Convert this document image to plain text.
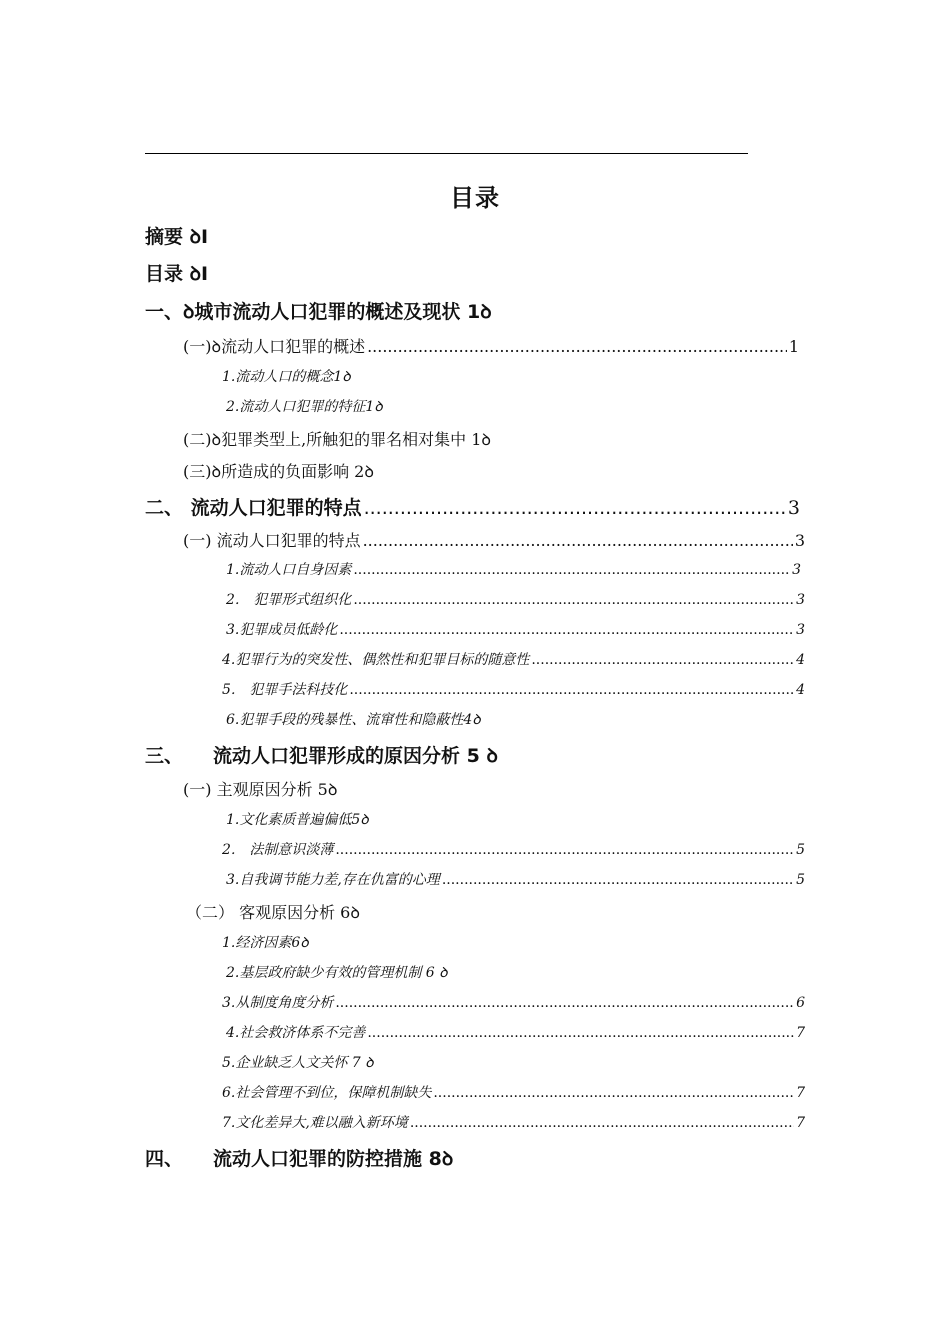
目录
摘要 ꝺI
目录 ꝺI
一、ꝺ城市流动人口犯罪的概述及现状 1ꝺ
(一)ꝺ流动人口犯罪的概述 .....	1
1.流动人口的概念1ꝺ
2.流动人口犯罪的特征1ꝺ
(二)ꝺ犯罪类型上,所触犯的罪名相对集中 1ꝺ
(三)ꝺ所造成的负面影响 2ꝺ
二、 流动人口犯罪的特点 .....	3
(一) 流动人口犯罪的特点 .....	3
1.流动人口自身因素 .....	3
2． 犯罪形式组织化 .....	3
3.犯罪成员低龄化 .....	3
4.犯罪行为的突发性、偶然性和犯罪目标的随意性 .....	4
5． 犯罪手法科技化 .....	4
6.犯罪手段的残暴性、流窜性和隐蔽性4ꝺ
三、 流动人口犯罪形成的原因分析 5 ꝺ
(一) 主观原因分析 5ꝺ
1.文化素质普遍偏低5ꝺ
2． 法制意识淡薄 .....	5
3.自我调节能力差,存在仇富的心理 .....	5
（二） 客观原因分析 6ꝺ
1.经济因素6ꝺ
2.基层政府缺少有效的管理机制 6 ꝺ
3.从制度角度分析 .....	6
4.社会救济体系不完善 .....	7
5.企业缺乏人文关怀 7 ꝺ
6.社会管理不到位，保障机制缺失 .....	7
7.文化差异大,难以融入新环境 .....	7
四、 流动人口犯罪的防控措施 8ꝺ
